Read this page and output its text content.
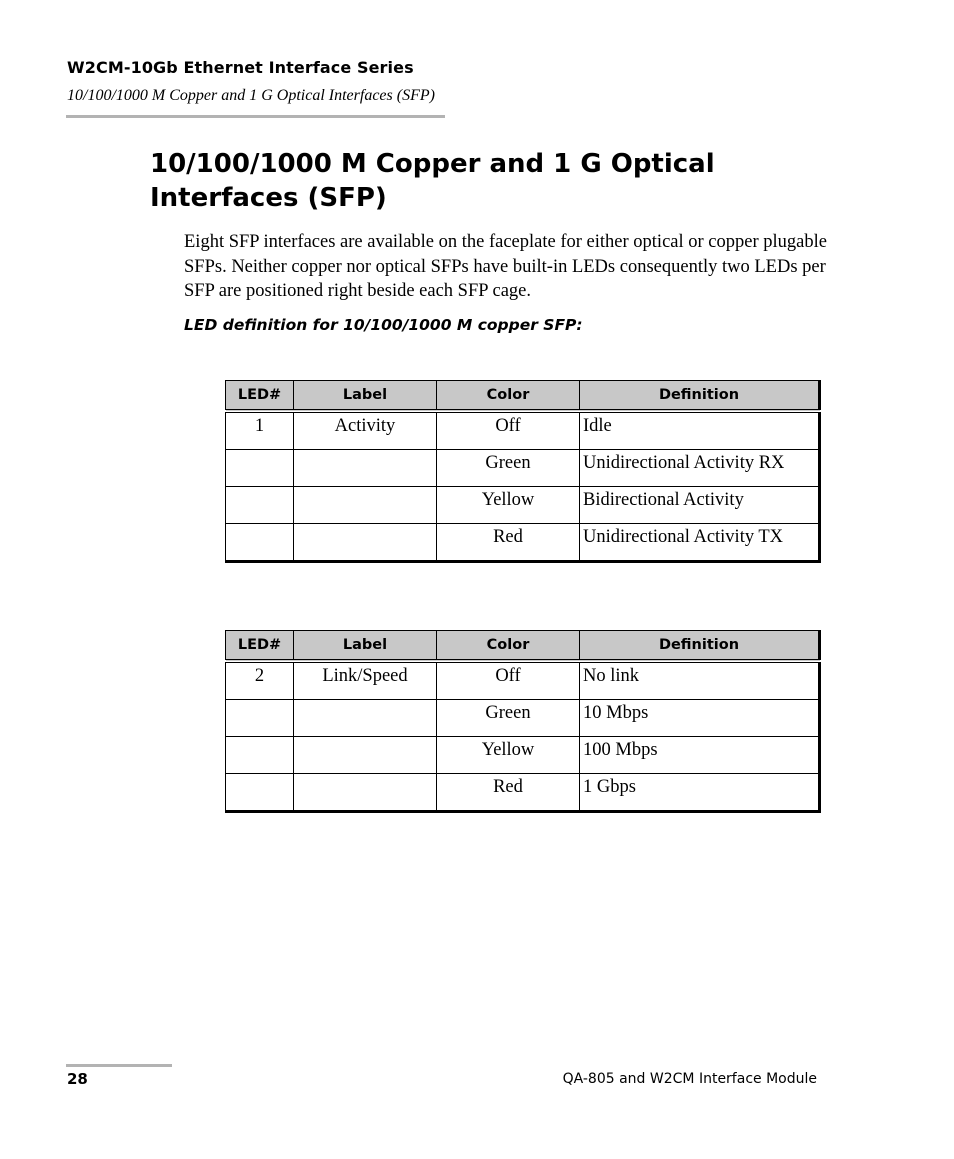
W2CM-10Gb Ethernet Interface Series
10/100/1000 M Copper and 1 G Optical Interfaces (SFP)
10/100/1000 M Copper and 1 G Optical Interfaces (SFP)

Eight SFP interfaces are available on the faceplate for either optical or copper plugable SFPs. Neither copper nor optical SFPs have built-in LEDs consequently two LEDs per SFP are positioned right beside each SFP cage.

LED definition for 10/100/1000 M copper SFP:
LED#	Label	Color	Definition
1	Activity	Off	Idle
		Green	Unidirectional Activity RX
		Yellow	Bidirectional Activity
		Red	Unidirectional Activity TX
LED#	Label	Color	Definition
2	Link/Speed	Off	No link
		Green	10 Mbps
		Yellow	100 Mbps
		Red	1 Gbps
28	QA-805 and W2CM Interface Module
